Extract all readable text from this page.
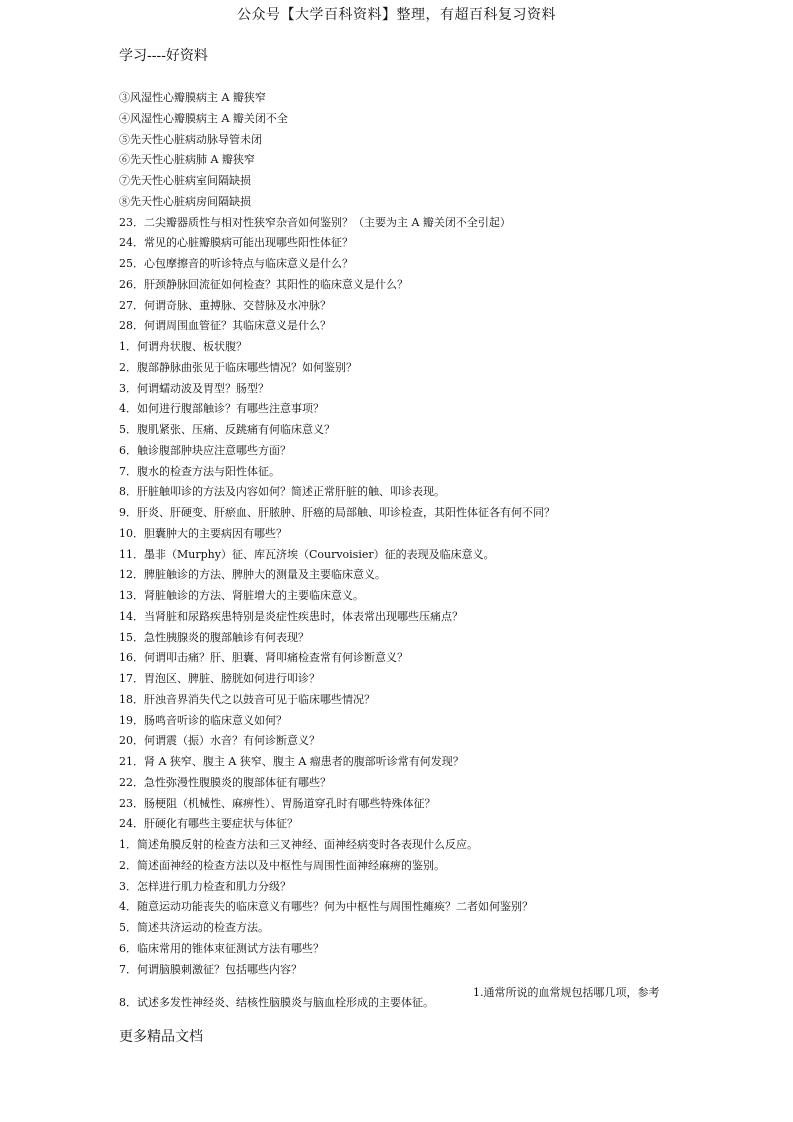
公众号【大学百科资料】整理，有超百科复习资料
学习----好资料
③风湿性心瓣膜病主 A 瓣狭窄
④风湿性心瓣膜病主 A 瓣关闭不全
⑤先天性心脏病动脉导管未闭
⑥先天性心脏病肺 A 瓣狭窄
⑦先天性心脏病室间隔缺损
⑧先天性心脏病房间隔缺损
23．二尖瓣器质性与相对性狭窄杂音如何鉴别？（主要为主 A 瓣关闭不全引起）
24．常见的心脏瓣膜病可能出现哪些阳性体征？
25．心包摩擦音的听诊特点与临床意义是什么？
26．肝颈静脉回流征如何检查？其阳性的临床意义是什么？
27．何谓奇脉、重搏脉、交替脉及水冲脉？
28．何谓周围血管征？其临床意义是什么？
1．何谓舟状腹、板状腹？
2．腹部静脉曲张见于临床哪些情况？如何鉴别？
3．何谓蠕动波及胃型？肠型？
4．如何进行腹部触诊？有哪些注意事项？
5．腹肌紧张、压痛、反跳痛有何临床意义？
6．触诊腹部肿块应注意哪些方面？
7．腹水的检查方法与阳性体征。
8．肝脏触叩诊的方法及内容如何？简述正常肝脏的触、叩诊表现。
9．肝炎、肝硬变、肝瘀血、肝脓肿、肝癌的局部触、叩诊检查，其阳性体征各有何不同？
10．胆囊肿大的主要病因有哪些？
11．墨非（Murphy）征、库瓦济埃（Courvoisier）征的表现及临床意义。
12．脾脏触诊的方法、脾肿大的测量及主要临床意义。
13．肾脏触诊的方法、肾脏增大的主要临床意义。
14．当肾脏和尿路疾患特别是炎症性疾患时，体表常出现哪些压痛点？
15．急性胰腺炎的腹部触诊有何表现？
16．何谓叩击痛？肝、胆囊、肾叩痛检查常有何诊断意义？
17．胃泡区、脾脏、膀胱如何进行叩诊？
18．肝浊音界消失代之以鼓音可见于临床哪些情况？
19．肠鸣音听诊的临床意义如何？
20．何谓震（振）水音？有何诊断意义？
21．肾 A 狭窄、腹主 A 狭窄、腹主 A 瘤患者的腹部听诊常有何发现？
22．急性弥漫性腹膜炎的腹部体征有哪些？
23．肠梗阻（机械性、麻痹性）、胃肠道穿孔时有哪些特殊体征？
24．肝硬化有哪些主要症状与体征？
1．简述角膜反射的检查方法和三叉神经、面神经病变时各表现什么反应。
2．简述面神经的检查方法以及中枢性与周围性面神经麻痹的鉴别。
3．怎样进行肌力检查和肌力分级？
4．随意运动功能丧失的临床意义有哪些？何为中枢性与周围性瘫痪？二者如何鉴别？
5．简述共济运动的检查方法。
6．临床常用的锥体束征测试方法有哪些？
7．何谓脑膜刺激征？包括哪些内容？
8．试述多发性神经炎、结核性脑膜炎与脑血栓形成的主要体征。
1.通常所说的血常规包括哪几项，参考
更多精品文档
